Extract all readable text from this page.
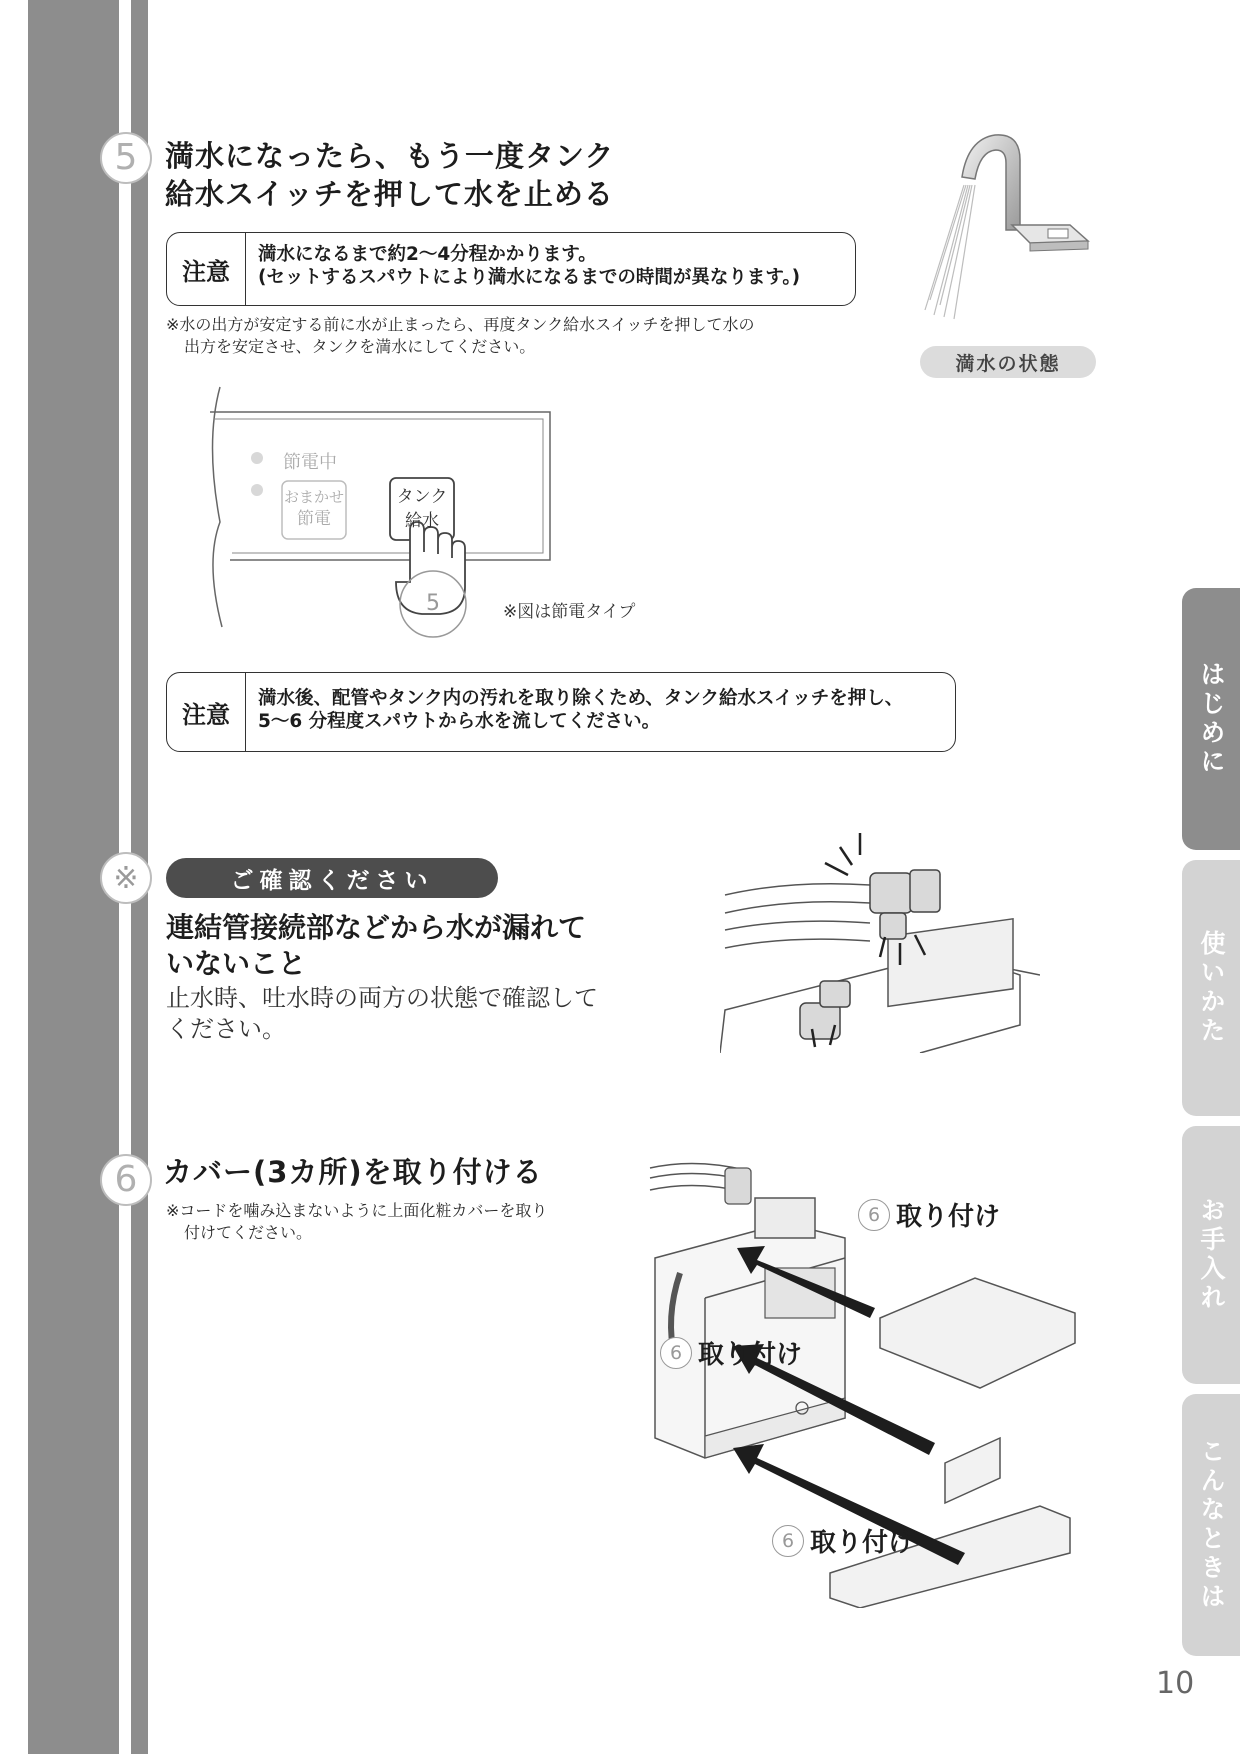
5 満水になったら、もう一度タンク
給水スイッチを押して水を止める
注意
満水になるまで約2〜4分程かかります。
(セットするスパウトにより満水になるまでの時間が異なります。)
※水の出方が安定する前に水が止まったら、再度タンク給水スイッチを押して水の
出方を安定させ、タンクを満水にしてください。
満水の状態
節電中
おまかせ
節電
タンク
給水
5	※図は節電タイプ
注意
満水後、配管やタンク内の汚れを取り除くため、タンク給水スイッチを押し、
5〜6 分程度スパウトから水を流してください。
※	ご確認ください
連結管接続部などから水が漏れて
いないこと
止水時、吐水時の両方の状態で確認して
ください。
6 カバー(3カ所)を取り付ける
※コードを噛み込まないように上面化粧カバーを取り
付けてください。
6 取り付け
6 取り付け
6 取り付け
はじめに
使いかた
お手入れ
こんなときは
10
